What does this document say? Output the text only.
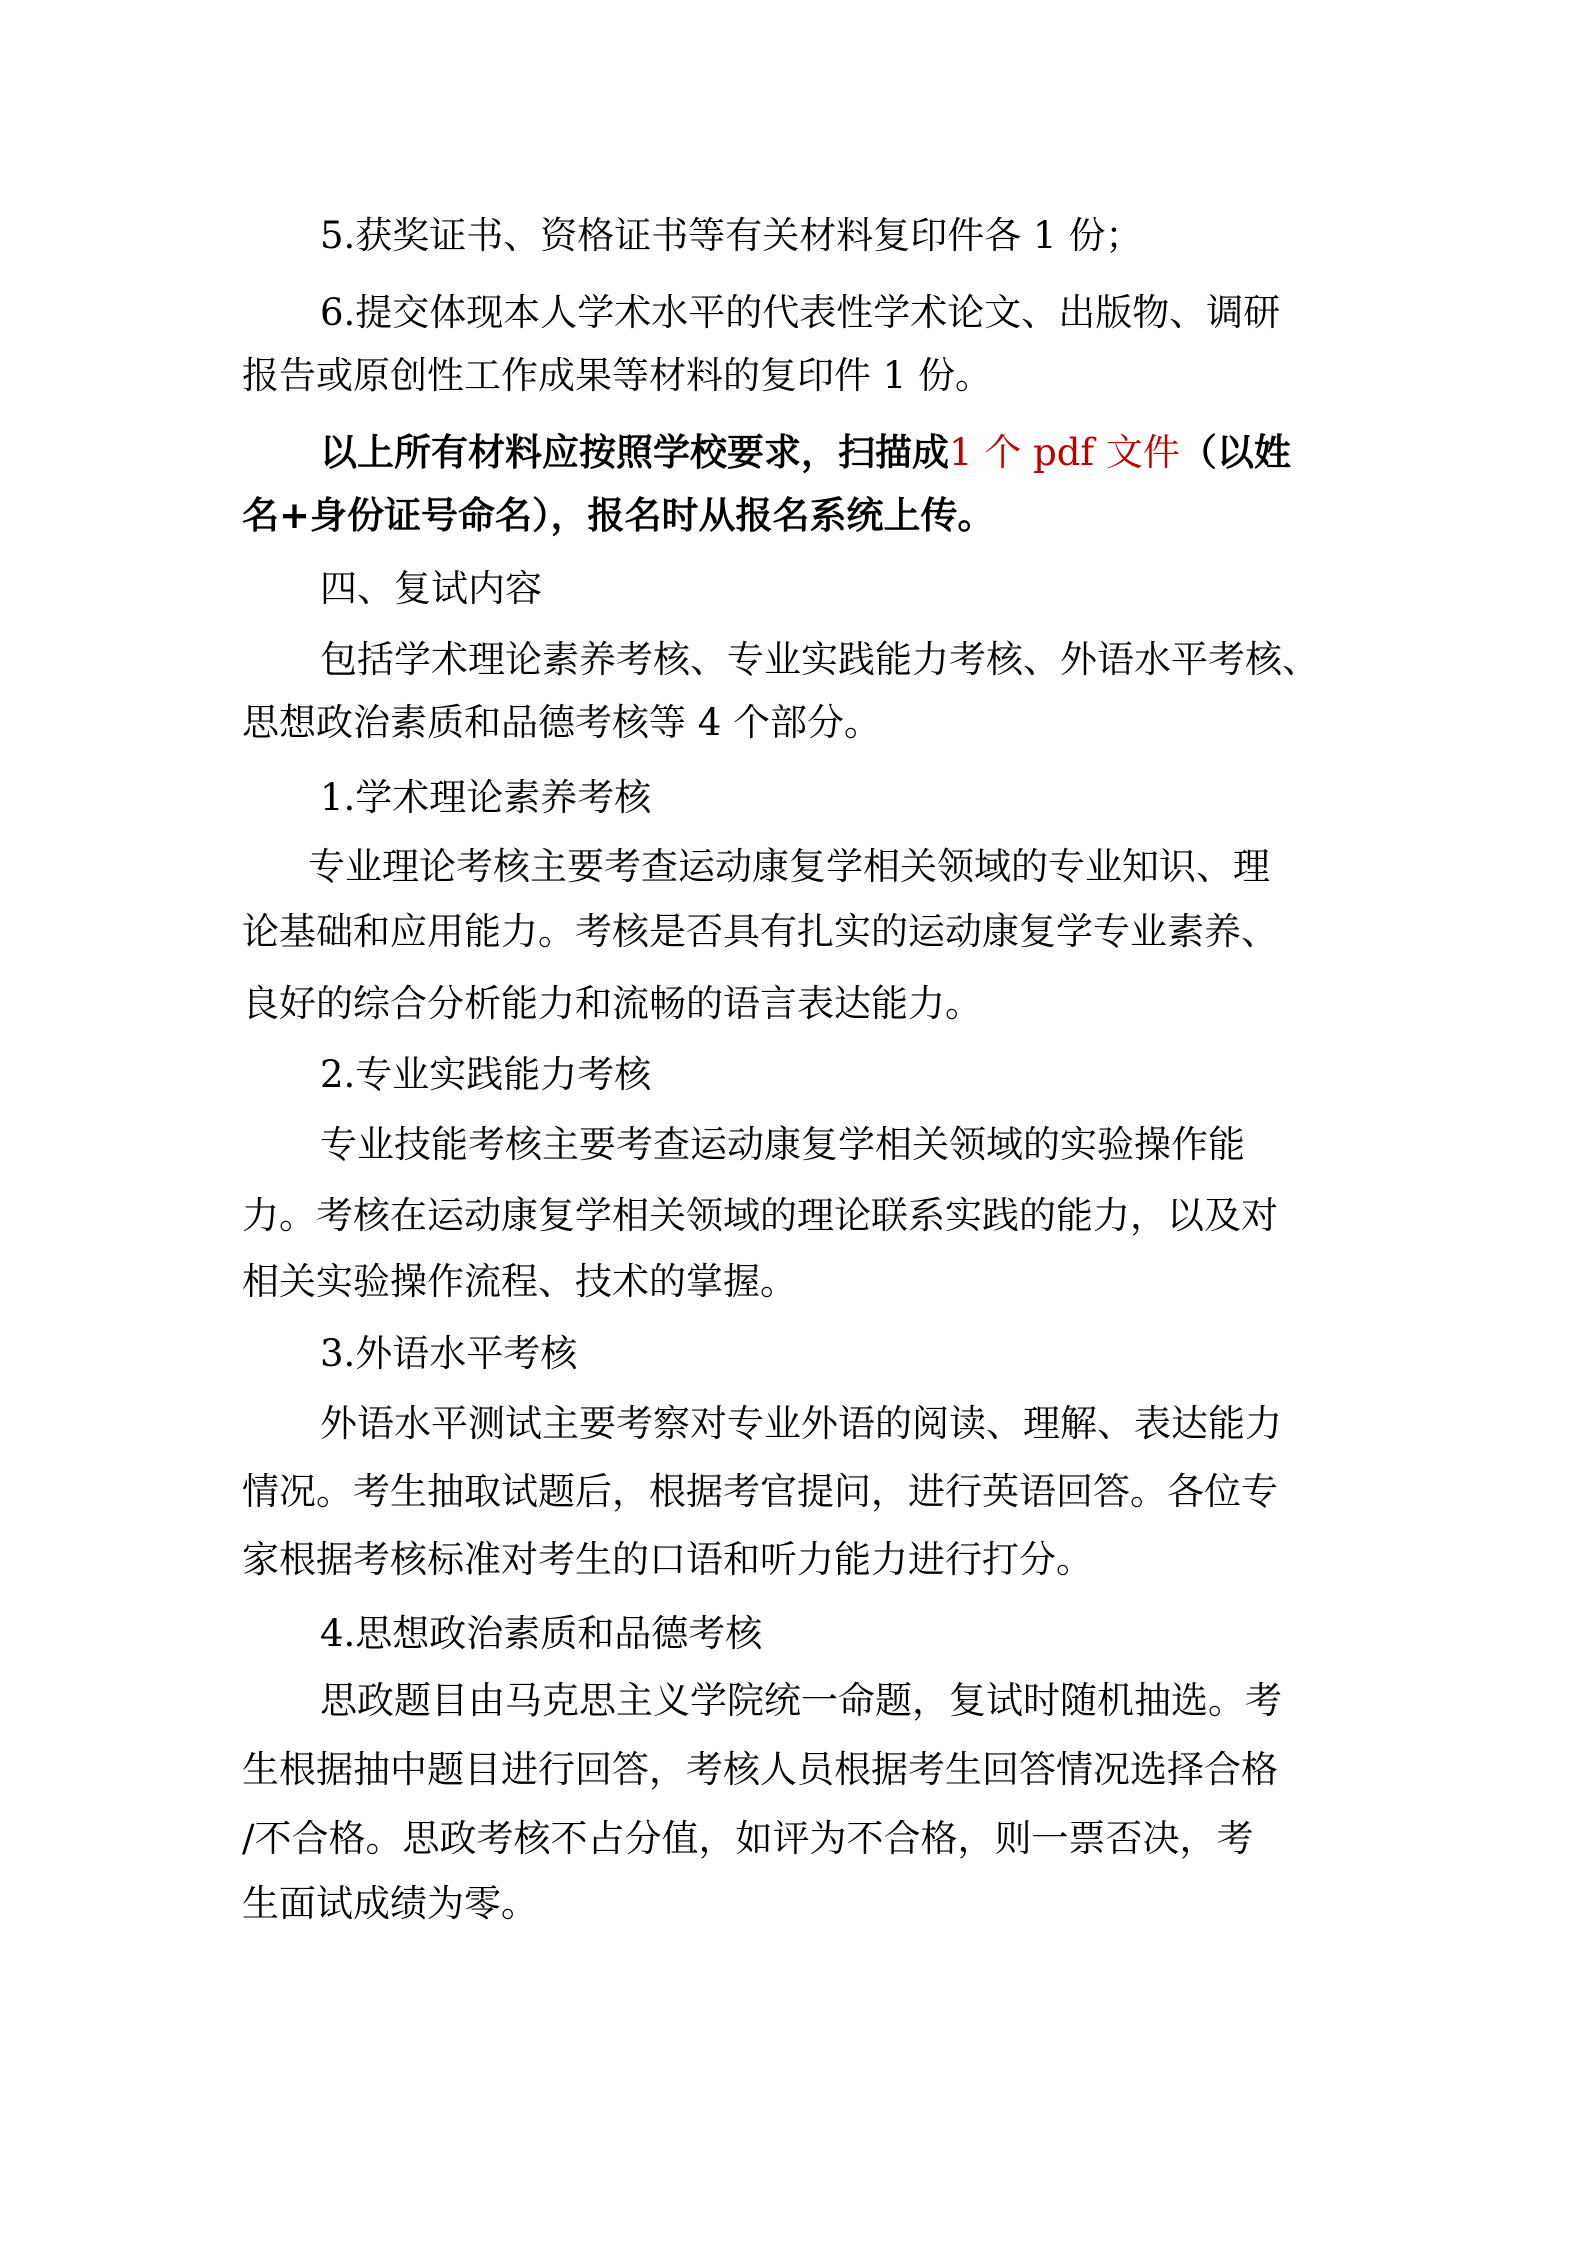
5.获奖证书、资格证书等有关材料复印件各 1 份；
6.提交体现本人学术水平的代表性学术论文、出版物、调研
报告或原创性工作成果等材料的复印件 1 份。
以上所有材料应按照学校要求，扫描成1 个 pdf 文件（以姓
名+身份证号命名），报名时从报名系统上传。
四、复试内容
包括学术理论素养考核、专业实践能力考核、外语水平考核、
思想政治素质和品德考核等 4 个部分。
1.学术理论素养考核
专业理论考核主要考查运动康复学相关领域的专业知识、理
论基础和应用能力。考核是否具有扎实的运动康复学专业素养、
良好的综合分析能力和流畅的语言表达能力。
2.专业实践能力考核
专业技能考核主要考查运动康复学相关领域的实验操作能
力。考核在运动康复学相关领域的理论联系实践的能力，以及对
相关实验操作流程、技术的掌握。
3.外语水平考核
外语水平测试主要考察对专业外语的阅读、理解、表达能力
情况。考生抽取试题后，根据考官提问，进行英语回答。各位专
家根据考核标准对考生的口语和听力能力进行打分。
4.思想政治素质和品德考核
思政题目由马克思主义学院统一命题，复试时随机抽选。考
生根据抽中题目进行回答，考核人员根据考生回答情况选择合格
/不合格。思政考核不占分值，如评为不合格，则一票否决，考
生面试成绩为零。
